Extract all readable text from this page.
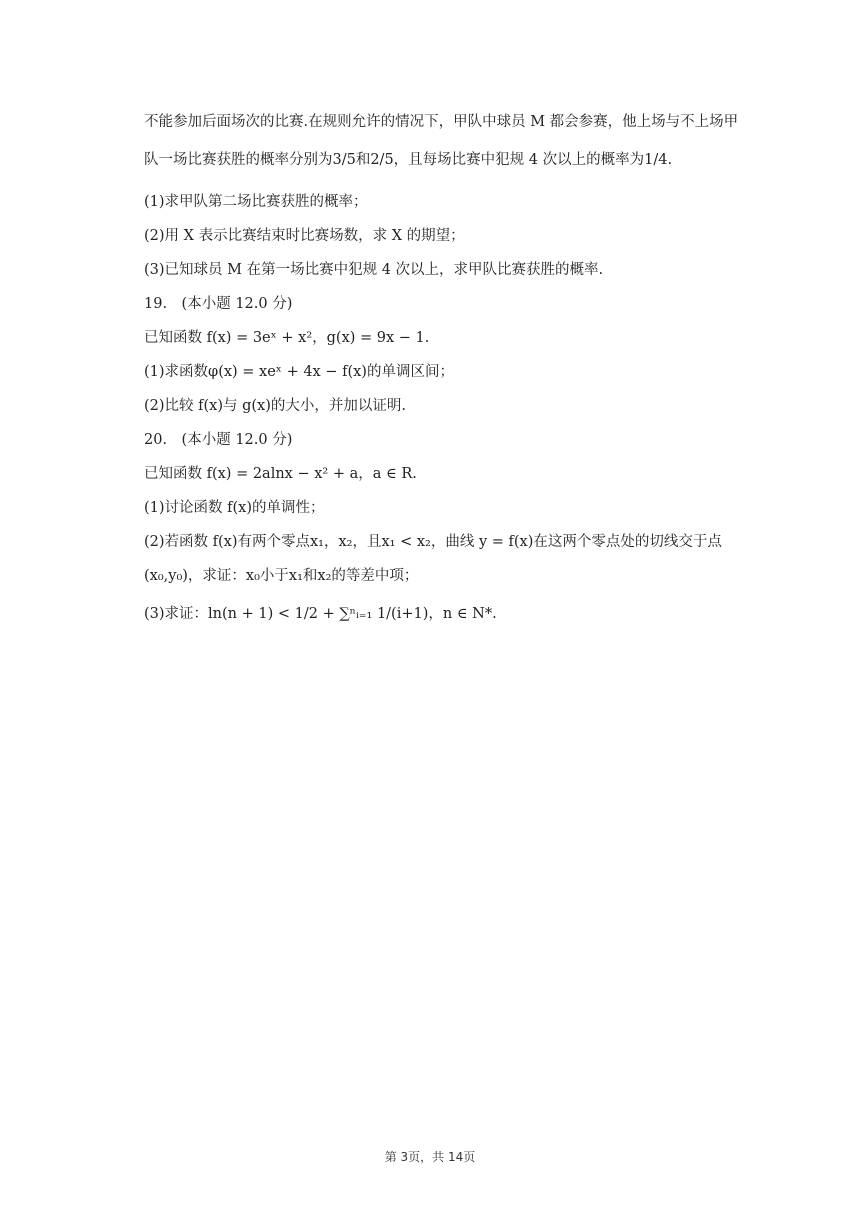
不能参加后面场次的比赛.在规则允许的情况下，甲队中球员 M 都会参赛，他上场与不上场甲
队一场比赛获胜的概率分别为3/5和2/5，且每场比赛中犯规 4 次以上的概率为1/4.
(1)求甲队第二场比赛获胜的概率；
(2)用 X 表示比赛结束时比赛场数，求 X 的期望；
(3)已知球员 M 在第一场比赛中犯规 4 次以上，求甲队比赛获胜的概率.
19.　(本小题 12.0 分)
已知函数 f(x) = 3eˣ + x²，g(x) = 9x − 1.
(1)求函数φ(x) = xeˣ + 4x − f(x)的单调区间；
(2)比较 f(x)与 g(x)的大小，并加以证明.
20.　(本小题 12.0 分)
已知函数 f(x) = 2alnx − x² + a，a ∈ R.
(1)讨论函数 f(x)的单调性；
(2)若函数 f(x)有两个零点x₁，x₂，且x₁ < x₂，曲线 y = f(x)在这两个零点处的切线交于点
(x₀,y₀)，求证：x₀小于x₁和x₂的等差中项；
(3)求证：ln(n + 1) < 1/2 + ∑ⁿᵢ₌₁ 1/(i+1)，n ∈ N*.
第 3页，共 14页
